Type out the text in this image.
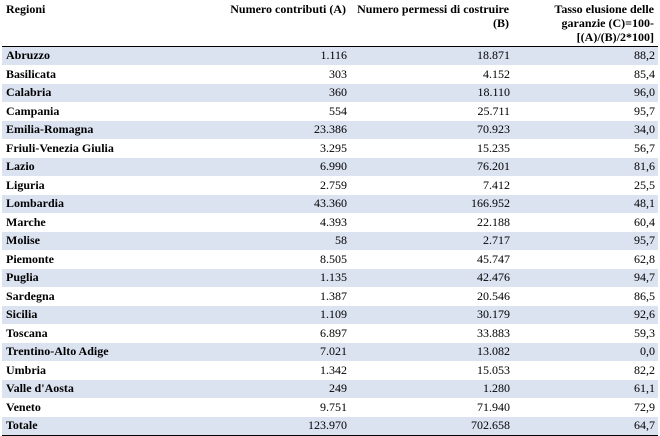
Regioni	Numero contributi (A)	Numero permessi di costruire (B)	Tasso elusione delle garanzie (C)=100-[(A)/(B)/2*100]
Abruzzo	1.116	18.871	88,2
Basilicata	303	4.152	85,4
Calabria	360	18.110	96,0
Campania	554	25.711	95,7
Emilia-Romagna	23.386	70.923	34,0
Friuli-Venezia Giulia	3.295	15.235	56,7
Lazio	6.990	76.201	81,6
Liguria	2.759	7.412	25,5
Lombardia	43.360	166.952	48,1
Marche	4.393	22.188	60,4
Molise	58	2.717	95,7
Piemonte	8.505	45.747	62,8
Puglia	1.135	42.476	94,7
Sardegna	1.387	20.546	86,5
Sicilia	1.109	30.179	92,6
Toscana	6.897	33.883	59,3
Trentino-Alto Adige	7.021	13.082	0,0
Umbria	1.342	15.053	82,2
Valle d'Aosta	249	1.280	61,1
Veneto	9.751	71.940	72,9
Totale	123.970	702.658	64,7
